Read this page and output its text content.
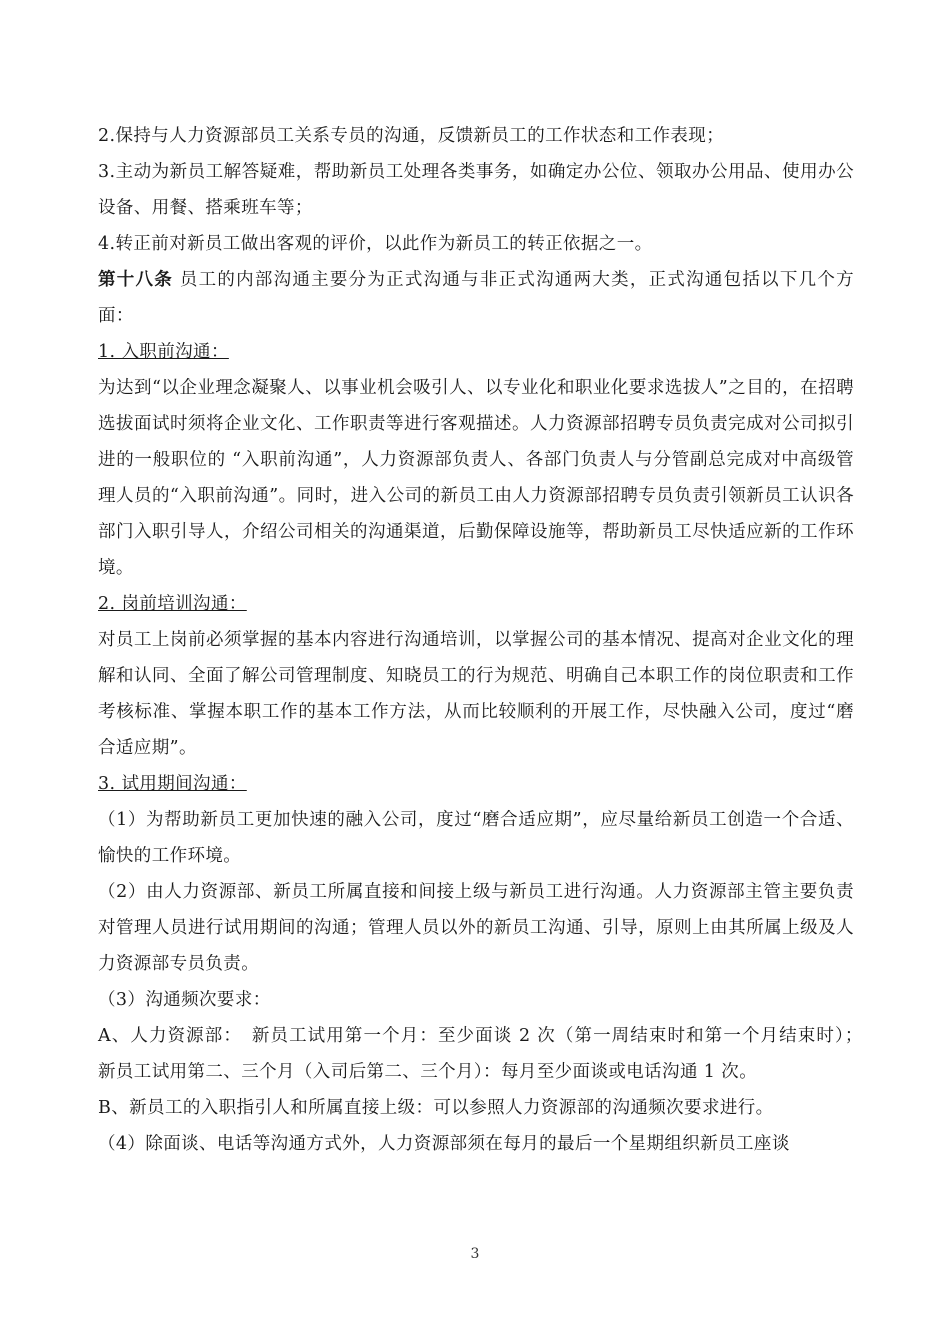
2.保持与人力资源部员工关系专员的沟通，反馈新员工的工作状态和工作表现；

3.主动为新员工解答疑难，帮助新员工处理各类事务，如确定办公位、领取办公用品、使用办公设备、用餐、搭乘班车等；

4.转正前对新员工做出客观的评价，以此作为新员工的转正依据之一。

第十八条 员工的内部沟通主要分为正式沟通与非正式沟通两大类，正式沟通包括以下几个方面：

1. 入职前沟通：

为达到“以企业理念凝聚人、以事业机会吸引人、以专业化和职业化要求选拔人”之目的，在招聘选拔面试时须将企业文化、工作职责等进行客观描述。人力资源部招聘专员负责完成对公司拟引进的一般职位的 “入职前沟通”，人力资源部负责人、各部门负责人与分管副总完成对中高级管理人员的“入职前沟通”。同时，进入公司的新员工由人力资源部招聘专员负责引领新员工认识各部门入职引导人，介绍公司相关的沟通渠道，后勤保障设施等，帮助新员工尽快适应新的工作环境。

2. 岗前培训沟通：

对员工上岗前必须掌握的基本内容进行沟通培训，以掌握公司的基本情况、提高对企业文化的理解和认同、全面了解公司管理制度、知晓员工的行为规范、明确自己本职工作的岗位职责和工作考核标准、掌握本职工作的基本工作方法，从而比较顺利的开展工作，尽快融入公司，度过“磨合适应期”。

3. 试用期间沟通：

（1）为帮助新员工更加快速的融入公司，度过“磨合适应期”，应尽量给新员工创造一个合适、愉快的工作环境。

（2）由人力资源部、新员工所属直接和间接上级与新员工进行沟通。人力资源部主管主要负责对管理人员进行试用期间的沟通；管理人员以外的新员工沟通、引导，原则上由其所属上级及人力资源部专员负责。

（3）沟通频次要求：

A、人力资源部：　新员工试用第一个月：至少面谈 2 次（第一周结束时和第一个月结束时）；　新员工试用第二、三个月（入司后第二、三个月）：每月至少面谈或电话沟通 1 次。

B、新员工的入职指引人和所属直接上级：可以参照人力资源部的沟通频次要求进行。

（4）除面谈、电话等沟通方式外，人力资源部须在每月的最后一个星期组织新员工座谈

3
